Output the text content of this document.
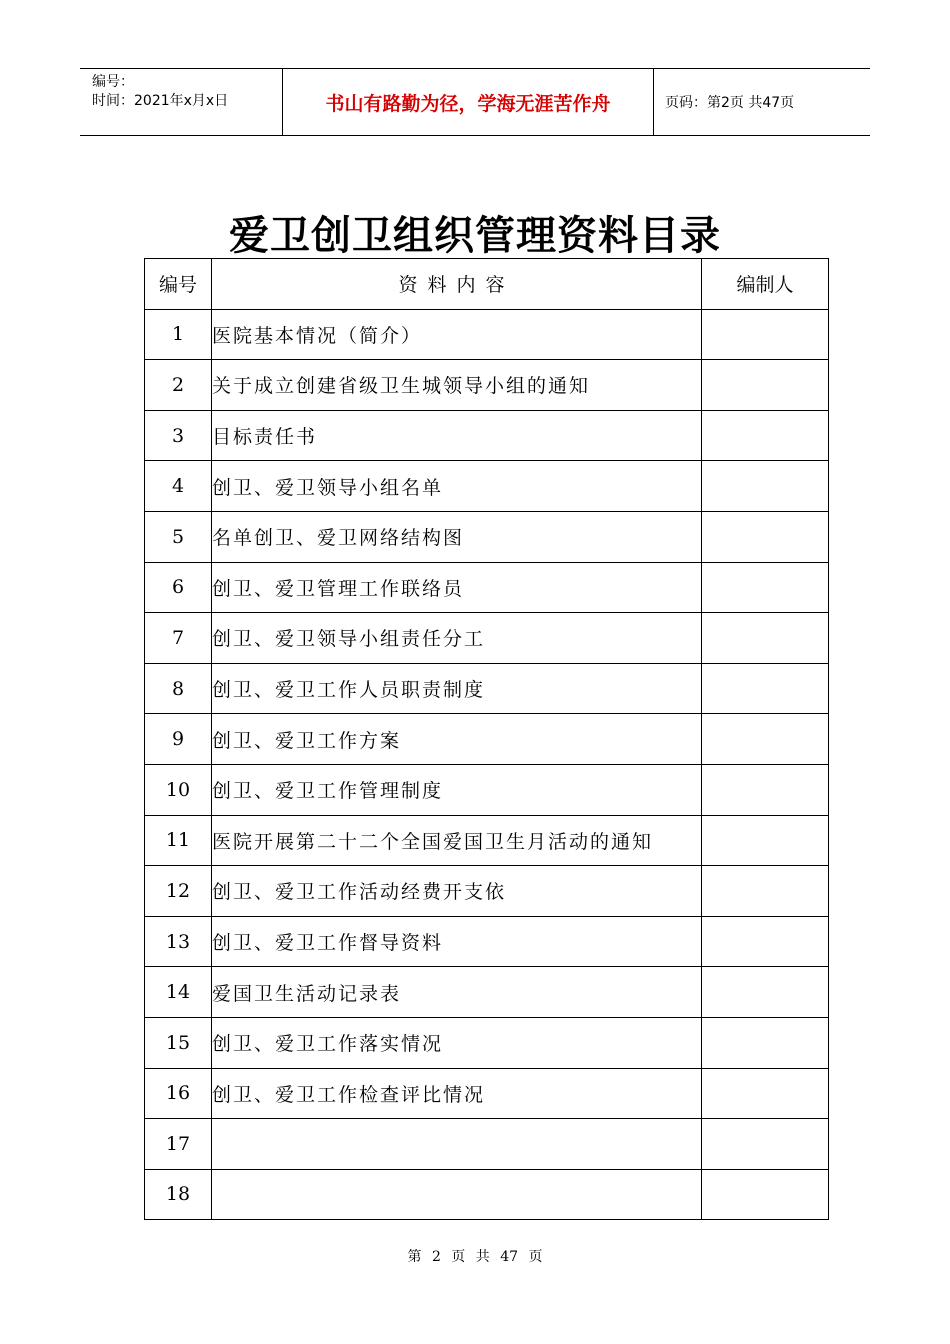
编号：
时间：2021年x月x日	书山有路勤为径，学海无涯苦作舟	页码：第2页 共47页
爱卫创卫组织管理资料目录
编号	资料内容	编制人
1	医院基本情况（简介）	
2	关于成立创建省级卫生城领导小组的通知	
3	目标责任书	
4	创卫、爱卫领导小组名单	
5	名单创卫、爱卫网络结构图	
6	创卫、爱卫管理工作联络员	
7	创卫、爱卫领导小组责任分工	
8	创卫、爱卫工作人员职责制度	
9	创卫、爱卫工作方案	
10	创卫、爱卫工作管理制度	
11	医院开展第二十二个全国爱国卫生月活动的通知	
12	创卫、爱卫工作活动经费开支依	
13	创卫、爱卫工作督导资料	
14	爱国卫生活动记录表	
15	创卫、爱卫工作落实情况	
16	创卫、爱卫工作检查评比情况	
17		
18		
第 2 页 共 47 页
